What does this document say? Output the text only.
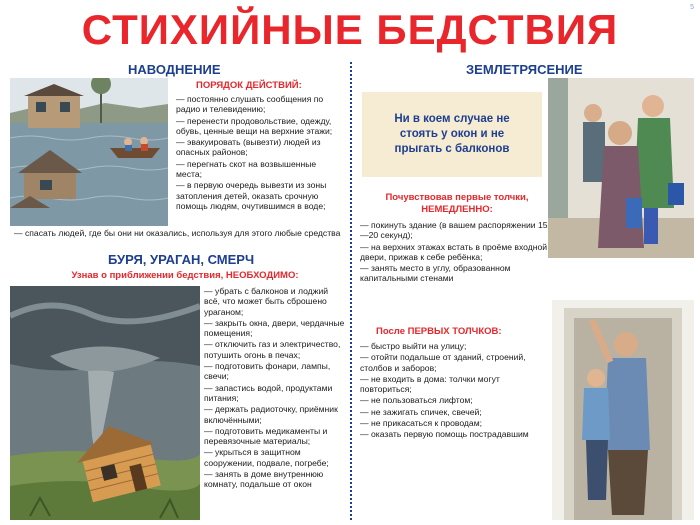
СТИХИЙНЫЕ БЕДСТВИЯ	5
НАВОДНЕНИЕ
ПОРЯДОК ДЕЙСТВИЙ:
— постоянно слушать сообщения по радио и телевидению;
— перенести продовольствие, одежду, обувь, ценные вещи на верхние этажи;
— эвакуировать (вывезти) людей из опасных районов;
— перегнать скот на возвышенные места;
— в первую очередь вывезти из зоны затопления детей, оказать срочную помощь людям, очутившимся в воде;
— спасать людей, где бы они ни оказались, используя для этого любые средства
БУРЯ, УРАГАН, СМЕРЧ
Узнав о приближении бедствия, НЕОБХОДИМО:
— убрать с балконов и лоджий всё, что может быть сброшено ураганом;
— закрыть окна, двери, чердачные помещения;
— отключить газ и электричество, потушить огонь в печах;
— подготовить фонари, лампы, свечи;
— запастись водой, продуктами питания;
— держать радиоточку, приёмник включёнными;
— подготовить медикаменты и перевязочные материалы;
— укрыться в защитном сооружении, подвале, погребе;
— занять в доме внутреннюю комнату, подальше от окон
ЗЕМЛЕТРЯСЕНИЕ
Ни в коем случае не стоять у окон и не прыгать с балконов
Почувствовав первые толчки,
НЕМЕДЛЕННО:
— покинуть здание (в вашем распоряжении 15—20 секунд);
— на верхних этажах встать в проёме входной двери, прижав к себе ребёнка;
— занять место в углу, образованном капитальными стенами
После ПЕРВЫХ ТОЛЧКОВ:
— быстро выйти на улицу;
— отойти подальше от зданий, строений, столбов и заборов;
— не входить в дома: толчки могут повториться;
— не пользоваться лифтом;
— не зажигать спичек, свечей;
— не прикасаться к проводам;
— оказать первую помощь пострадавшим
